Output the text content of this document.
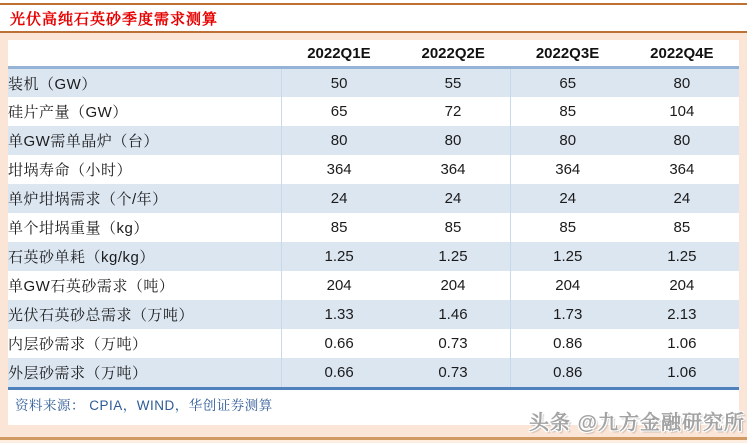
光伏高纯石英砂季度需求测算
	2022Q1E	2022Q2E	2022Q3E	2022Q4E
装机（GW）	50	55	65	80
硅片产量（GW）	65	72	85	104
单GW需单晶炉（台）	80	80	80	80
坩埚寿命（小时）	364	364	364	364
单炉坩埚需求（个/年）	24	24	24	24
单个坩埚重量（kg）	85	85	85	85
石英砂单耗（kg/kg）	1.25	1.25	1.25	1.25
单GW石英砂需求（吨）	204	204	204	204
光伏石英砂总需求（万吨）	1.33	1.46	1.73	2.13
内层砂需求（万吨）	0.66	0.73	0.86	1.06
外层砂需求（万吨）	0.66	0.73	0.86	1.06
资料来源： CPIA，WIND，华创证券测算
头条 @九方金融研究所
